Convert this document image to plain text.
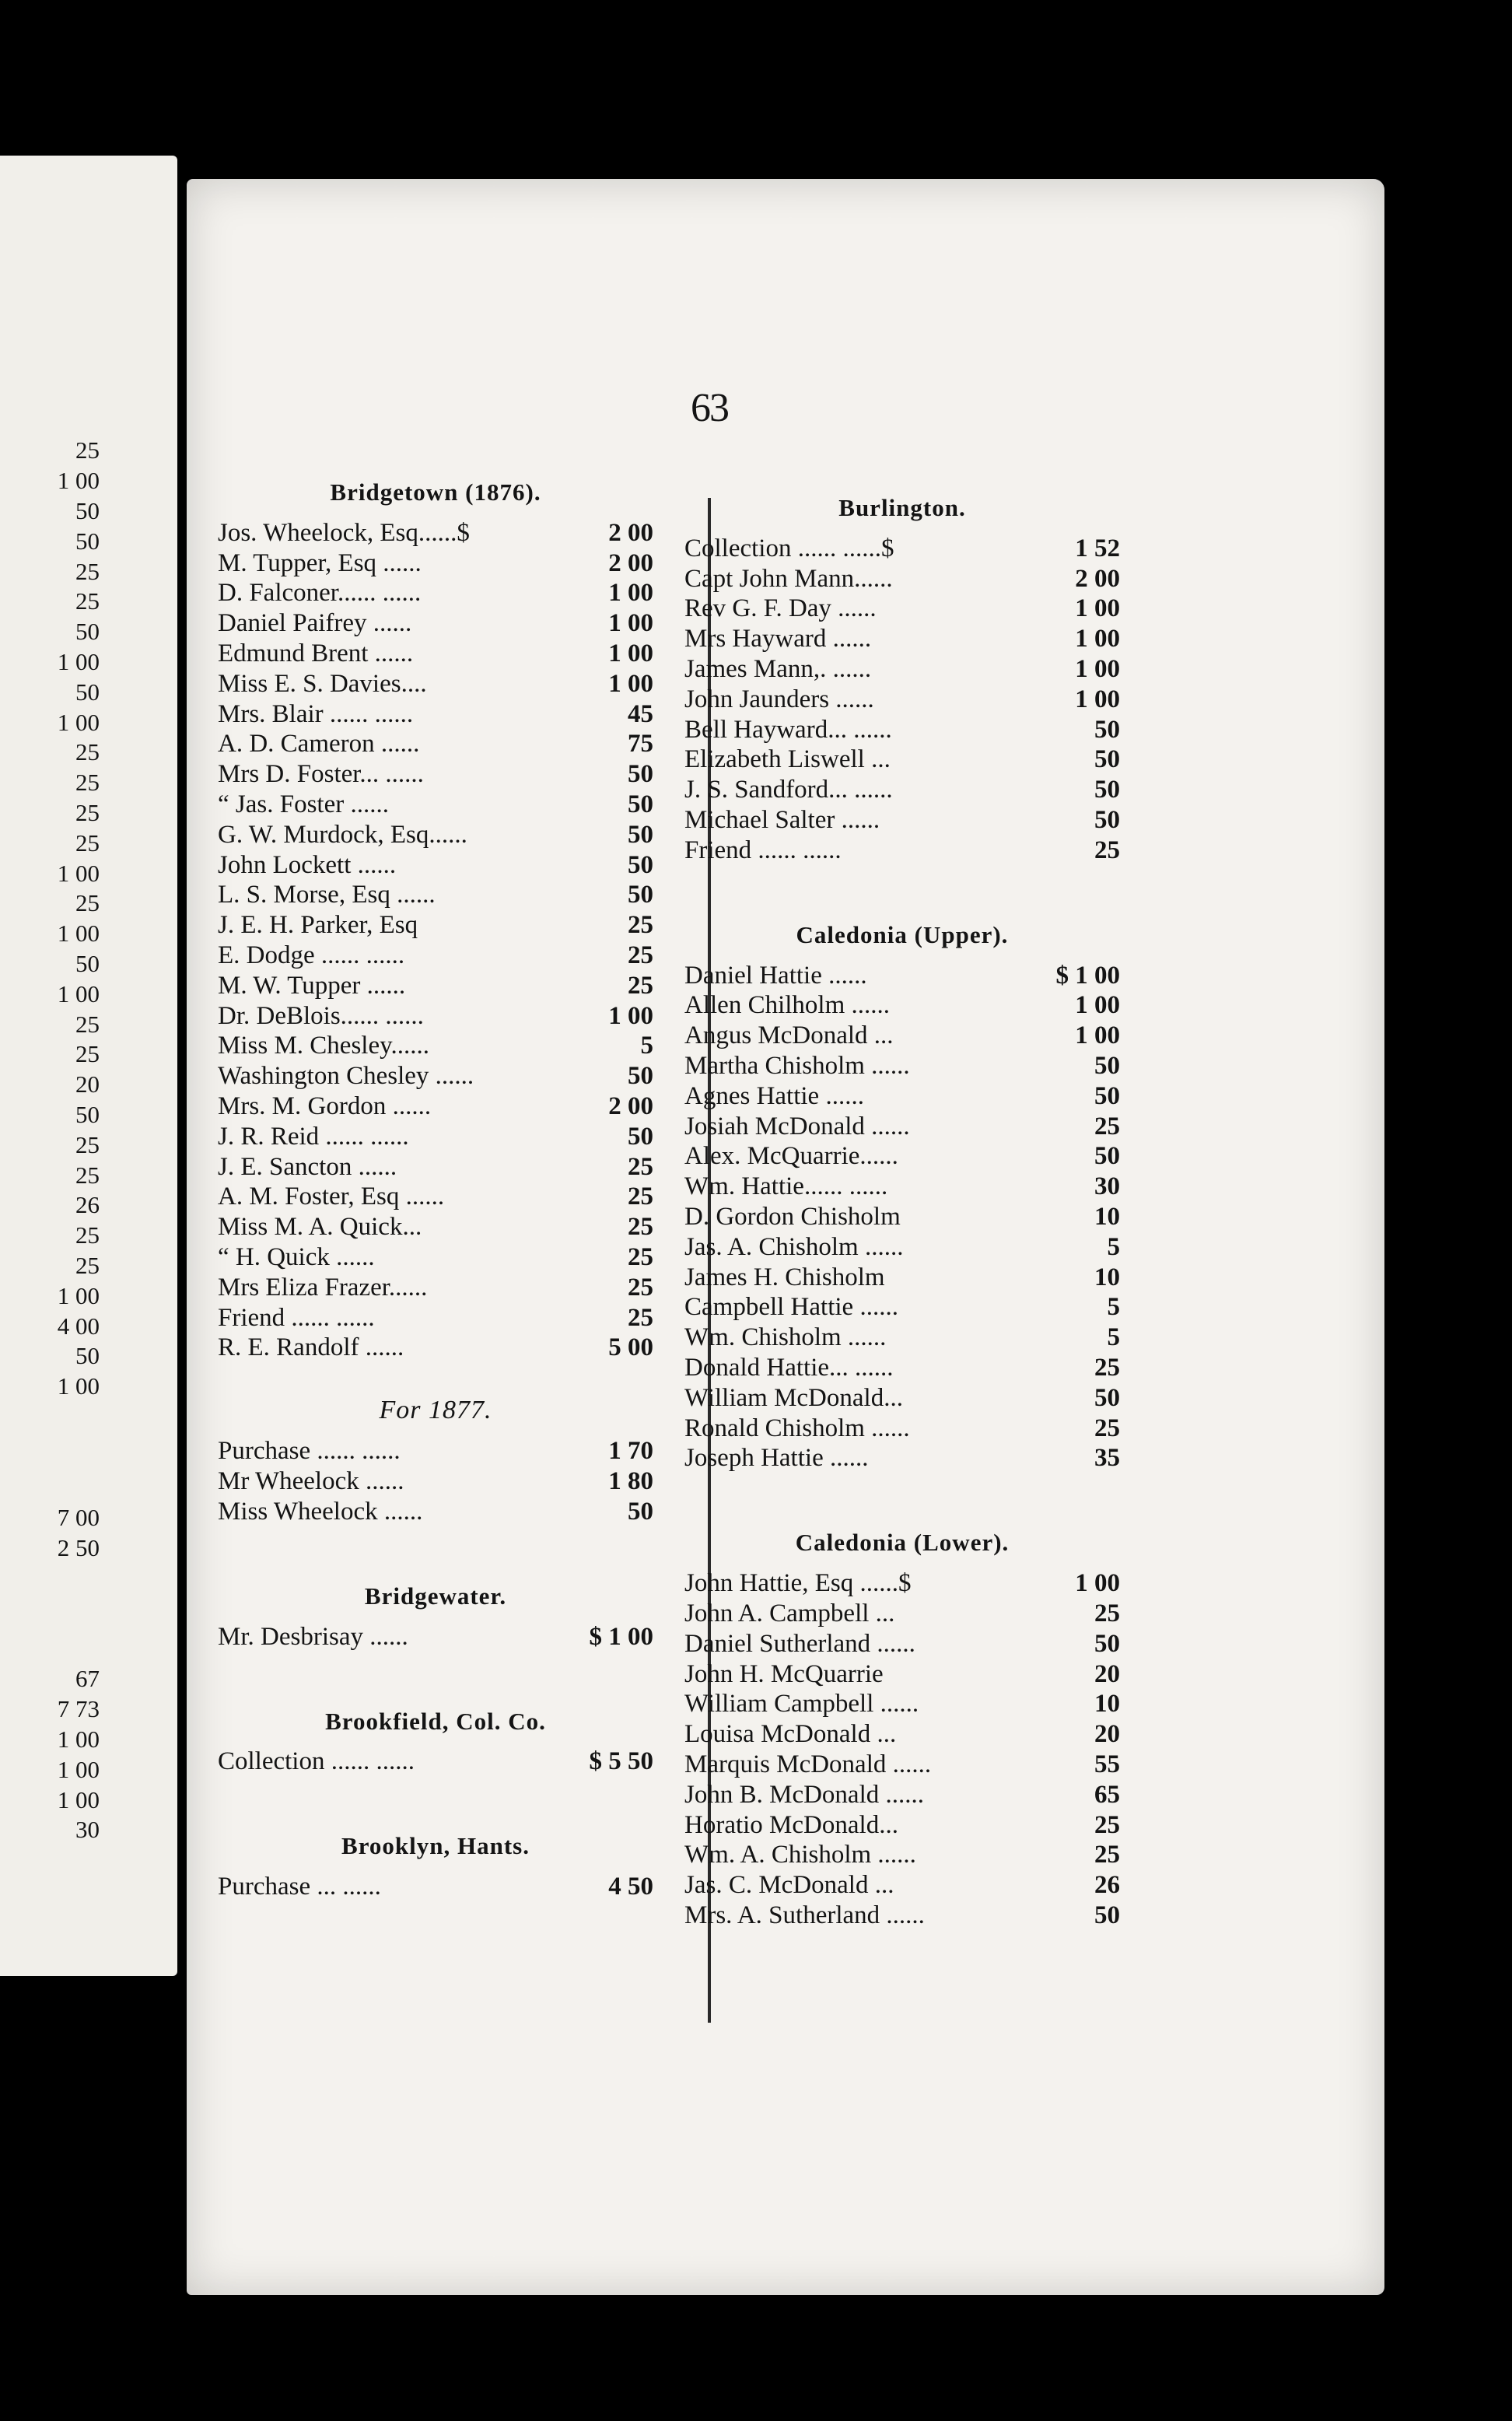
25
1 00
50
50
25
25
50
1 00
50
1 00
25
25
25
25
1 00
25
1 00
50
1 00
25
25
20
50
25
25
26
25
25
1 00
4 00
50
1 00
7 00
2 50
67
7 73
1 00
1 00
1 00
30
63
Bridgetown (1876).
Jos. Wheelock, Esq......$	2 00
M. Tupper, Esq ......	2 00
D. Falconer...... ......	1 00
Daniel Paifrey ......	1 00
Edmund Brent ......	1 00
Miss E. S. Davies....	1 00
Mrs. Blair ...... ......	45
A. D. Cameron ......	75
Mrs D. Foster... ......	50
“ Jas. Foster ......	50
G. W. Murdock, Esq......	50
John Lockett ......	50
L. S. Morse, Esq ......	50
J. E. H. Parker, Esq	25
E. Dodge ...... ......	25
M. W. Tupper ......	25
Dr. DeBlois...... ......	1 00
Miss M. Chesley......	5
Washington Chesley ......	50
Mrs. M. Gordon ......	2 00
J. R. Reid ...... ......	50
J. E. Sancton ......	25
A. M. Foster, Esq ......	25
Miss M. A. Quick...	25
“ H. Quick ......	25
Mrs Eliza Frazer......	25
Friend ...... ......	25
R. E. Randolf ......	5 00
For 1877.
Purchase ...... ......	1 70
Mr Wheelock ......	1 80
Miss Wheelock ......	50
Bridgewater.
Mr. Desbrisay ......	$ 1 00
Brookfield, Col. Co.
Collection ...... ......	$ 5 50
Brooklyn, Hants.
Purchase ... ......	4 50
Burlington.
Collection ...... ......$	1 52
Capt John Mann......	2 00
Rev G. F. Day ......	1 00
Mrs Hayward ......	1 00
James Mann,. ......	1 00
John Jaunders ......	1 00
Bell Hayward... ......	50
Elizabeth Liswell ...	50
J. S. Sandford... ......	50
Michael Salter ......	50
Friend ...... ......	25
Caledonia (Upper).
Daniel Hattie ......	$ 1 00
Allen Chilholm ......	1 00
Angus McDonald ...	1 00
Martha Chisholm ......	50
Agnes Hattie ......	50
Josiah McDonald ......	25
Alex. McQuarrie......	50
Wm. Hattie...... ......	30
D. Gordon Chisholm	10
Jas. A. Chisholm ......	5
James H. Chisholm	10
Campbell Hattie ......	5
Wm. Chisholm ......	5
Donald Hattie... ......	25
William McDonald...	50
Ronald Chisholm ......	25
Joseph Hattie ......	35
Caledonia (Lower).
John Hattie, Esq ......$	1 00
John A. Campbell ...	25
Daniel Sutherland ......	50
John H. McQuarrie	20
William Campbell ......	10
Louisa McDonald ...	20
Marquis McDonald ......	55
John B. McDonald ......	65
Horatio McDonald...	25
Wm. A. Chisholm ......	25
Jas. C. McDonald ...	26
Mrs. A. Sutherland ......	50
